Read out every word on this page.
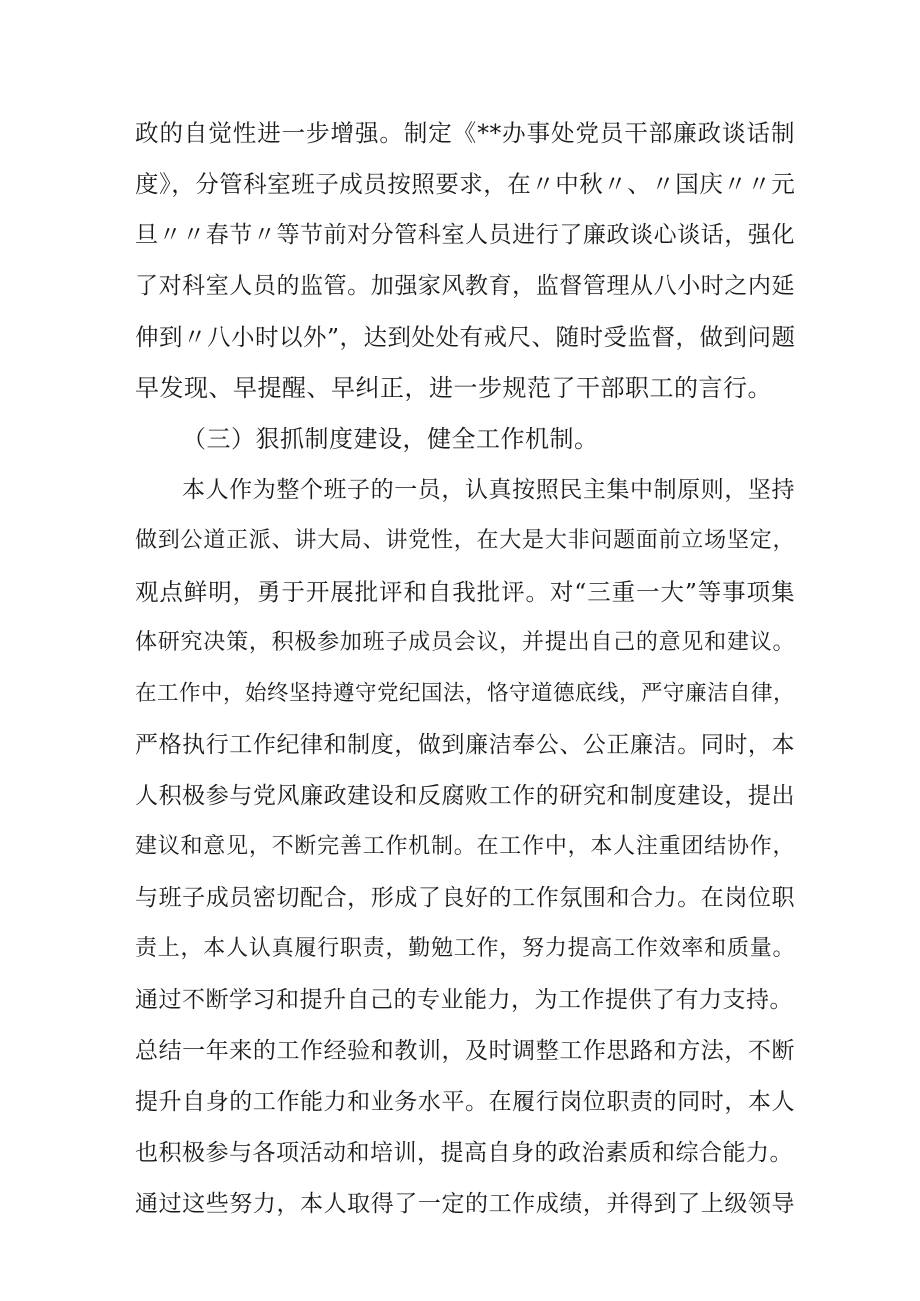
政的自觉性进一步增强。制定《**办事处党员干部廉政谈话制
度》，分管科室班子成员按照要求，在〃中秋〃、〃国庆〃〃元
旦〃〃春节〃等节前对分管科室人员进行了廉政谈心谈话，强化
了对科室人员的监管。加强家风教育，监督管理从八小时之内延
伸到〃八小时以外”，达到处处有戒尺、随时受监督，做到问题
早发现、早提醒、早纠正，进一步规范了干部职工的言行。
（三）狠抓制度建设，健全工作机制。
本人作为整个班子的一员，认真按照民主集中制原则，坚持
做到公道正派、讲大局、讲党性，在大是大非问题面前立场坚定，
观点鲜明，勇于开展批评和自我批评。对“三重一大”等事项集
体研究决策，积极参加班子成员会议，并提出自己的意见和建议。
在工作中，始终坚持遵守党纪国法，恪守道德底线，严守廉洁自律，
严格执行工作纪律和制度，做到廉洁奉公、公正廉洁。同时，本
人积极参与党风廉政建设和反腐败工作的研究和制度建设，提出
建议和意见，不断完善工作机制。在工作中，本人注重团结协作，
与班子成员密切配合，形成了良好的工作氛围和合力。在岗位职
责上，本人认真履行职责，勤勉工作，努力提高工作效率和质量。
通过不断学习和提升自己的专业能力，为工作提供了有力支持。
总结一年来的工作经验和教训，及时调整工作思路和方法，不断
提升自身的工作能力和业务水平。在履行岗位职责的同时，本人
也积极参与各项活动和培训，提高自身的政治素质和综合能力。
通过这些努力，本人取得了一定的工作成绩，并得到了上级领导
